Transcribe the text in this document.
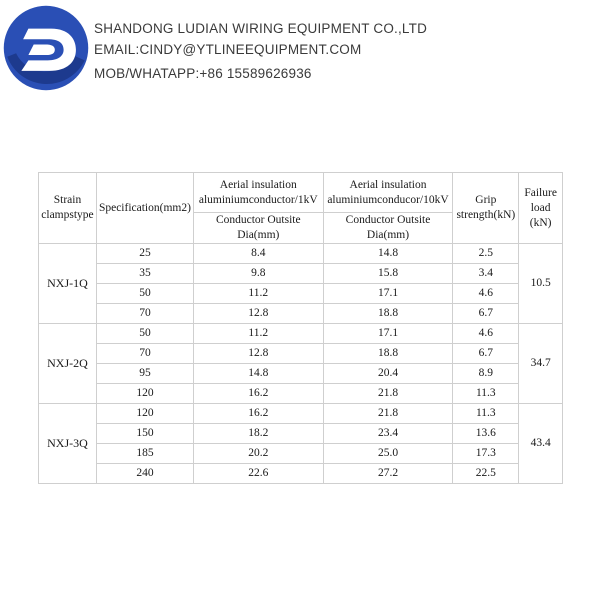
SHANDONG LUDIAN WIRING EQUIPMENT CO.,LTD
EMAIL:CINDY@YTLINEEQUIPMENT.COM
MOB/WHATAPP:+86 15589626936
Strain clampstype	Specification(mm2)	Aerial insulation aluminiumconductor/1kV	Aerial insulation aluminiumconducor/10kV	Grip strength(kN)	Failure load (kN)
		Conductor Outsite Dia(mm)	Conductor Outsite Dia(mm)		
NXJ-1Q	25	8.4	14.8	2.5	10.5
	35	9.8	15.8	3.4	
	50	11.2	17.1	4.6	
	70	12.8	18.8	6.7	
NXJ-2Q	50	11.2	17.1	4.6	34.7
	70	12.8	18.8	6.7	
	95	14.8	20.4	8.9	
	120	16.2	21.8	11.3	
NXJ-3Q	120	16.2	21.8	11.3	43.4
	150	18.2	23.4	13.6	
	185	20.2	25.0	17.3	
	240	22.6	27.2	22.5	
